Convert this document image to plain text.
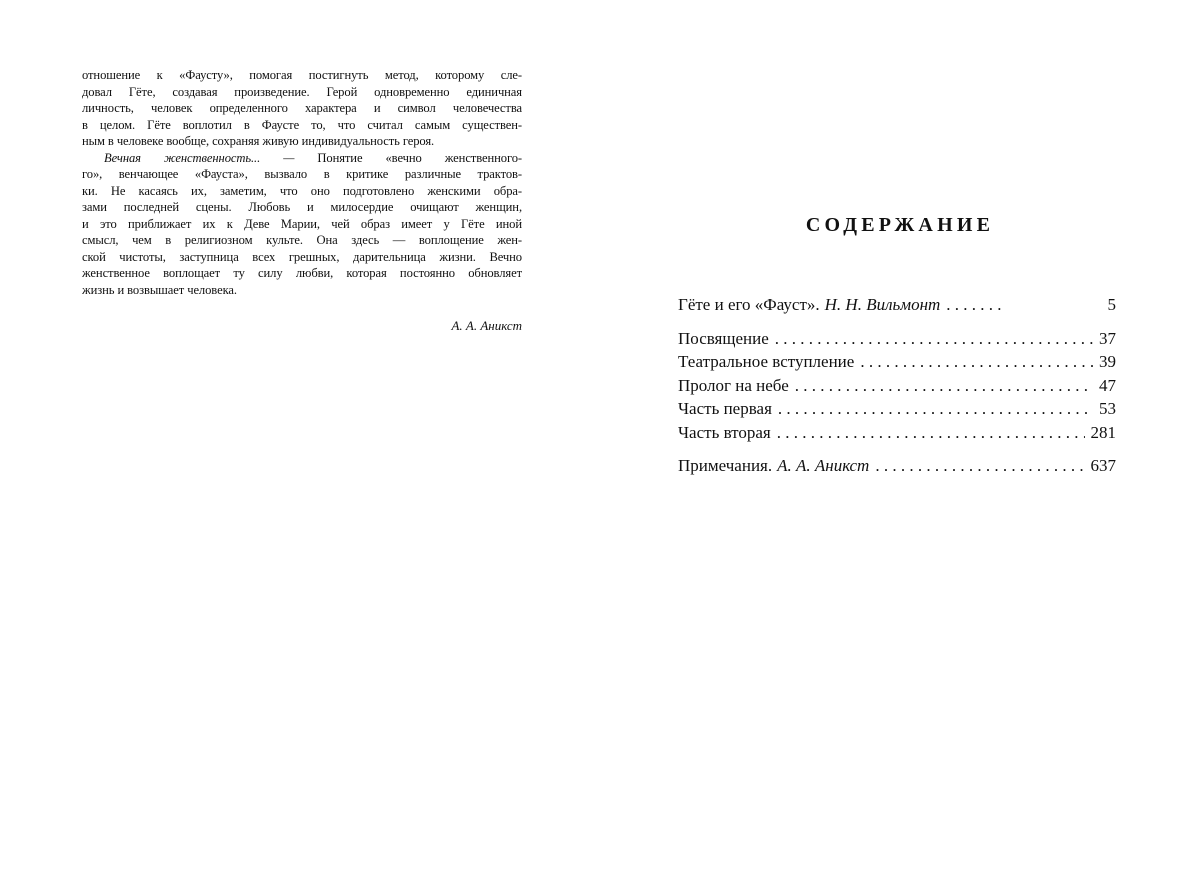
отношение к «Фаусту», помогая постигнуть метод, которому сле-
довал Гёте, создавая произведение. Герой одновременно единичная
личность, человек определенного характера и символ человечества
в целом. Гёте воплотил в Фаусте то, что считал самым существен-
ным в человеке вообще, сохраняя живую индивидуальность героя.

Вечная женственность... — Понятие «вечно женственного-
го», венчающее «Фауста», вызвало в критике различные трактов-
ки. Не касаясь их, заметим, что оно подготовлено женскими обра-
зами последней сцены. Любовь и милосердие очищают женщин,
и это приближает их к Деве Марии, чей образ имеет у Гёте иной
смысл, чем в религиозном культе. Она здесь — воплощение жен-
ской чистоты, заступница всех грешных, дарительница жизни. Вечно
женственное воплощает ту силу любви, которая постоянно обновляет
жизнь и возвышает человека.

А. А. Аникст
СОДЕРЖАНИЕ
Гёте и его «Фауст». Н. Н. Вильмонт . . .	5
Посвящение . . .	37
Театральное вступление . . .	39
Пролог на небе . . .	47
Часть первая . . .	53
Часть вторая . . .	281
Примечания. А. А. Аникст . . .	637
